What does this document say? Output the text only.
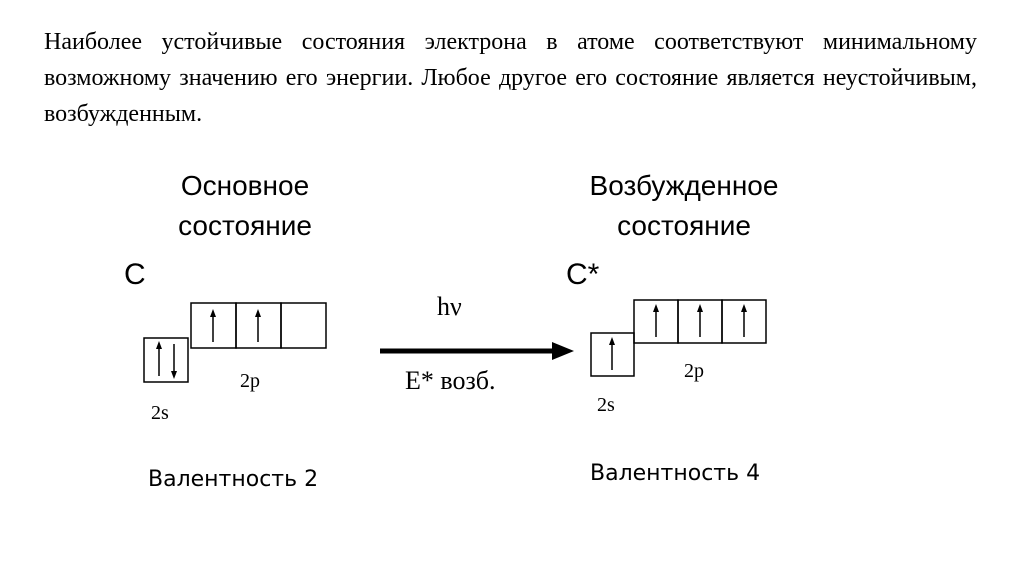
Наиболее устойчивые состояния электрона в атоме соответствуют минимальному возможному значению его энергии. Любое другое его состояние является неустойчивым, возбужденным.

Основное
состояние
C
Возбужденное
состояние
C*
2p
2s
2p
2s
hν
E* возб.
Валентность 2	Валентность 4
